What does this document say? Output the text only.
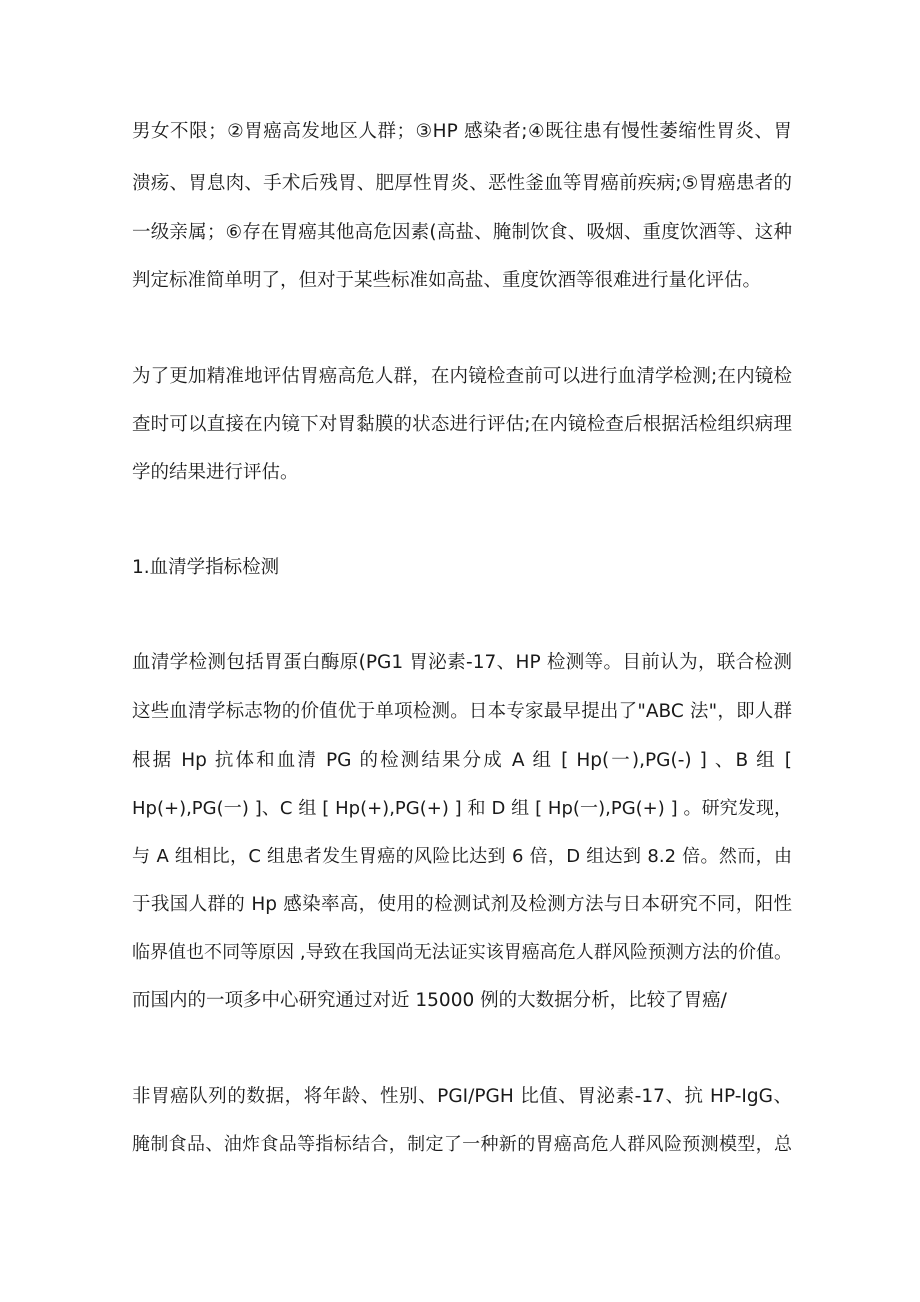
男女不限；②胃癌高发地区人群；③HP 感染者;④既往患有慢性萎缩性胃炎、胃
溃疡、胃息肉、手术后残胃、肥厚性胃炎、恶性釜血等胃癌前疾病;⑤胃癌患者的
一级亲属；⑥存在胃癌其他高危因素(高盐、腌制饮食、吸烟、重度饮酒等、这种
判定标准简单明了，但对于某些标准如高盐、重度饮酒等很难进行量化评估。
为了更加精准地评估胃癌高危人群，在内镜检查前可以进行血清学检测;在内镜检
查时可以直接在内镜下对胃黏膜的状态进行评估;在内镜检查后根据活检组织病理
学的结果进行评估。
1.血清学指标检测
血清学检测包括胃蛋白酶原(PG1 胃泌素-17、HP 检测等。目前认为，联合检测
这些血清学标志物的价值优于单项检测。日本专家最早提出了"ABC 法"，即人群
根据 Hp 抗体和血清 PG 的检测结果分成 A 组 [ Hp(一),PG(-) ] 、B 组 [
Hp(+),PG(一) ]、C 组 [ Hp(+),PG(+) ] 和 D 组 [ Hp(一),PG(+) ] 。研究发现，
与 A 组相比，C 组患者发生胃癌的风险比达到 6 倍，D 组达到 8.2 倍。然而，由
于我国人群的 Hp 感染率高，使用的检测试剂及检测方法与日本研究不同，阳性
临界值也不同等原因 ,导致在我国尚无法证实该胃癌高危人群风险预测方法的价值。
而国内的一项多中心研究通过对近 15000 例的大数据分析，比较了胃癌/
非胃癌队列的数据，将年龄、性别、PGI/PGH 比值、胃泌素-17、抗 HP-IgG、
腌制食品、油炸食品等指标结合，制定了一种新的胃癌高危人群风险预测模型，总
